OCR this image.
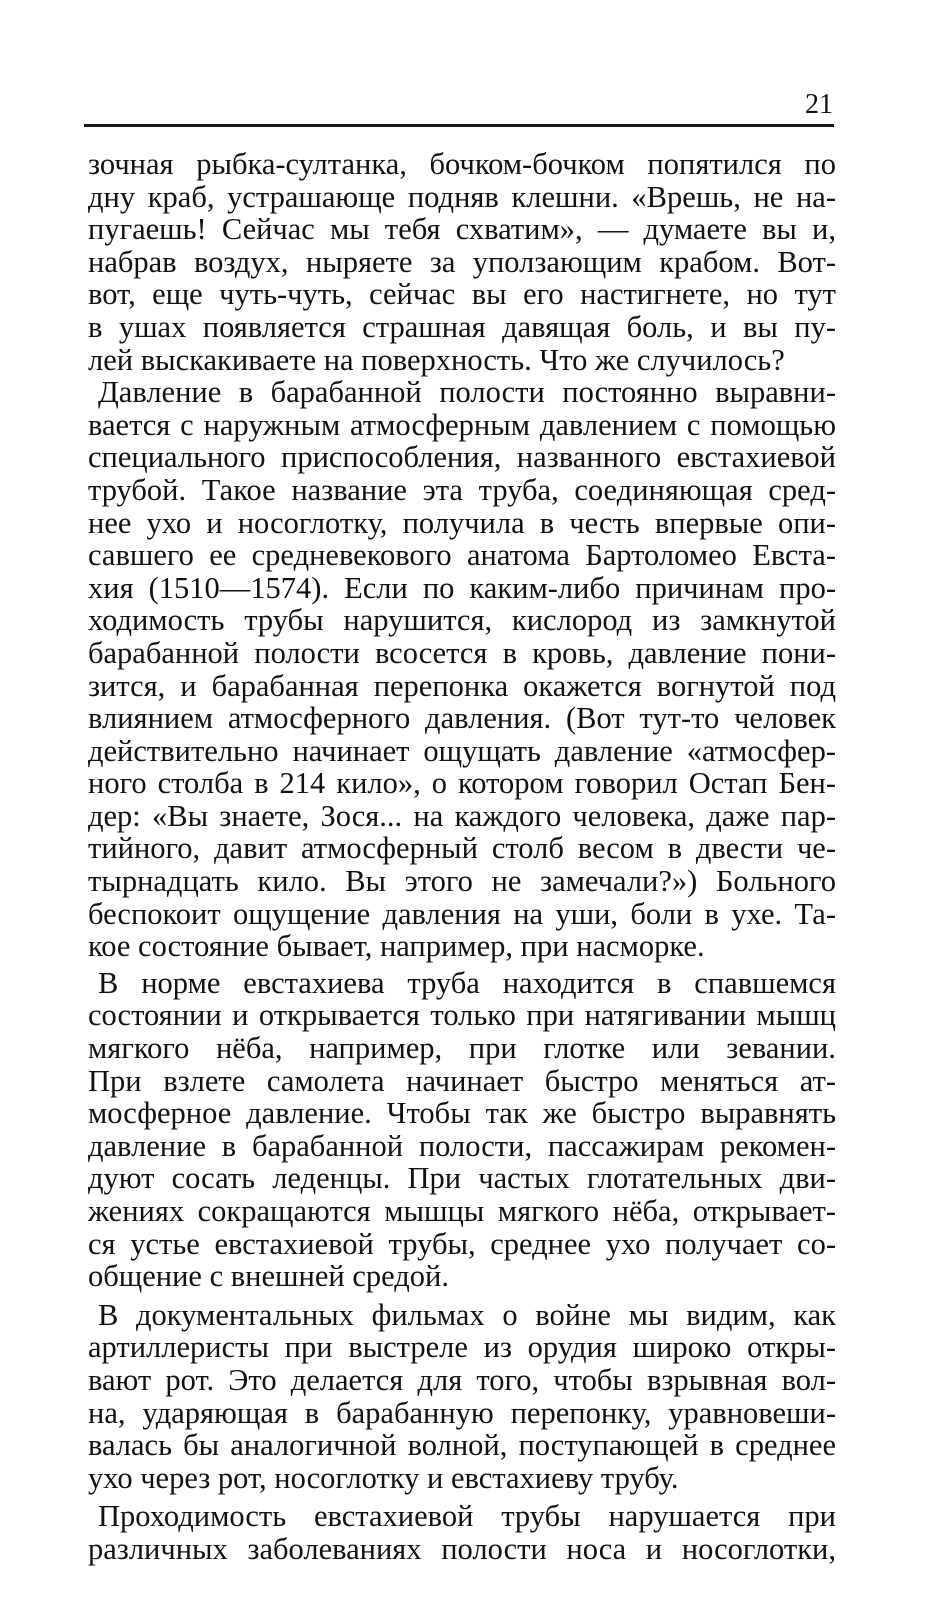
21

зочная рыбка-султанка, бочком-бочком попятился по
дну краб, устрашающе подняв клешни. «Врешь, не на-
пугаешь! Сейчас мы тебя схватим», — думаете вы и,
набрав воздух, ныряете за уползающим крабом. Вот-
вот, еще чуть-чуть, сейчас вы его настигнете, но тут
в ушах появляется страшная давящая боль, и вы пу-
лей выскакиваете на поверхность. Что же случилось?

Давление в барабанной полости постоянно выравни-
вается с наружным атмосферным давлением с помощью
специального приспособления, названного евстахиевой
трубой. Такое название эта труба, соединяющая сред-
нее ухо и носоглотку, получила в честь впервые опи-
савшего ее средневекового анатома Бартоломео Евста-
хия (1510—1574). Если по каким-либо причинам про-
ходимость трубы нарушится, кислород из замкнутой
барабанной полости всосется в кровь, давление пони-
зится, и барабанная перепонка окажется вогнутой под
влиянием атмосферного давления. (Вот тут-то человек
действительно начинает ощущать давление «атмосфер-
ного столба в 214 кило», о котором говорил Остап Бен-
дер: «Вы знаете, Зося... на каждого человека, даже пар-
тийного, давит атмосферный столб весом в двести че-
тырнадцать кило. Вы этого не замечали?») Больного
беспокоит ощущение давления на уши, боли в ухе. Та-
кое состояние бывает, например, при насморке.

В норме евстахиева труба находится в спавшемся
состоянии и открывается только при натягивании мышц
мягкого нёба, например, при глотке или зевании.
При взлете самолета начинает быстро меняться ат-
мосферное давление. Чтобы так же быстро выравнять
давление в барабанной полости, пассажирам рекомен-
дуют сосать леденцы. При частых глотательных дви-
жениях сокращаются мышцы мягкого нёба, открывает-
ся устье евстахиевой трубы, среднее ухо получает со-
общение с внешней средой.

В документальных фильмах о войне мы видим, как
артиллеристы при выстреле из орудия широко откры-
вают рот. Это делается для того, чтобы взрывная вол-
на, ударяющая в барабанную перепонку, уравновеши-
валась бы аналогичной волной, поступающей в среднее
ухо через рот, носоглотку и евстахиеву трубу.

Проходимость евстахиевой трубы нарушается при
различных заболеваниях полости носа и носоглотки,
